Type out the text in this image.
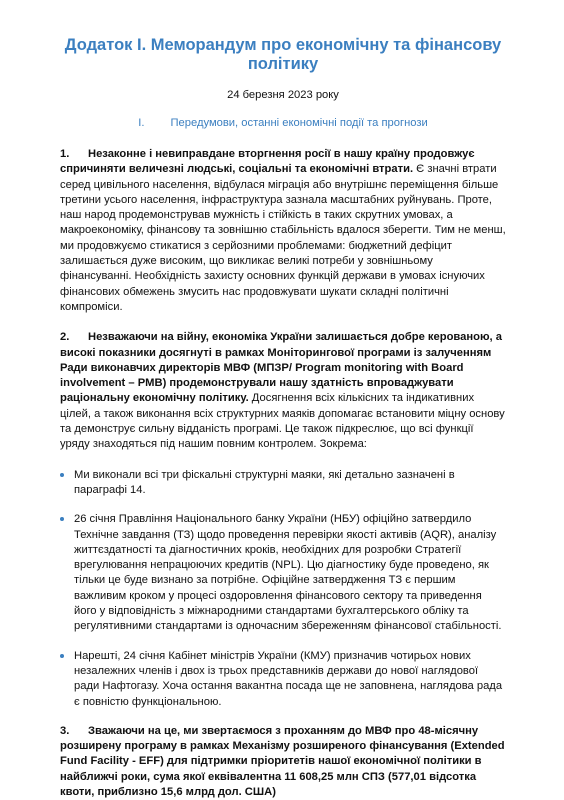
Додаток I. Меморандум про економічну та фінансову політику
24 березня 2023 року
I. Передумови, останні економічні події та прогнози

1. Незаконне і невиправдане вторгнення росії в нашу країну продовжує спричиняти величезні людські, соціальні та економічні втрати. Є значні втрати серед цивільного населення, відбулася міграція або внутрішнє переміщення більше третини усього населення, інфраструктура зазнала масштабних руйнувань. Проте, наш народ продемонстрував мужність і стійкість в таких скрутних умовах, а макроекономіку, фінансову та зовнішню стабільність вдалося зберегти. Тим не менш, ми продовжуємо стикатися з серйозними проблемами: бюджетний дефіцит залишається дуже високим, що викликає великі потреби у зовнішньому фінансуванні. Необхідність захисту основних функцій держави в умовах існуючих фінансових обмежень змусить нас продовжувати шукати складні політичні компроміси.

2. Незважаючи на війну, економіка України залишається добре керованою, а високі показники досягнуті в рамках Моніторингової програми із залученням Ради виконавчих директорів МВФ (МПЗР/ Program monitoring with Board involvement – PMB) продемонстрували нашу здатність впроваджувати раціональну економічну політику. Досягнення всіх кількісних та індикативних цілей, а також виконання всіх структурних маяків допомагає встановити міцну основу та демонструє сильну відданість програмі. Це також підкреслює, що всі функції уряду знаходяться під нашим повним контролем. Зокрема:

Ми виконали всі три фіскальні структурні маяки, які детально зазначені в параграфі 14.
26 січня Правління Національного банку України (НБУ) офіційно затвердило Технічне завдання (ТЗ) щодо проведення перевірки якості активів (AQR), аналізу життєздатності та діагностичних кроків, необхідних для розробки Стратегії врегулювання непрацюючих кредитів (NPL). Цю діагностику буде проведено, як тільки це буде визнано за потрібне. Офіційне затвердження ТЗ є першим важливим кроком у процесі оздоровлення фінансового сектору та приведення його у відповідність з міжнародними стандартами бухгалтерського обліку та регулятивними стандартами із одночасним збереженням фінансової стабільності.
Нарешті, 24 січня Кабінет міністрів України (КМУ) призначив чотирьох нових незалежних членів і двох із трьох представників держави до нової наглядової ради Нафтогазу. Хоча остання вакантна посада ще не заповнена, наглядова рада є повністю функціональною.

3. Зважаючи на це, ми звертаємося з проханням до МВФ про 48-місячну розширену програму в рамках Механізму розширеного фінансування (Extended Fund Facility - EFF) для підтримки пріоритетів нашої економічної політики в найближчі роки, сума якої еквівалентна 11 608,25 млн СПЗ (577,01 відсотка квоти, приблизно 15,6 млрд дол. США)
